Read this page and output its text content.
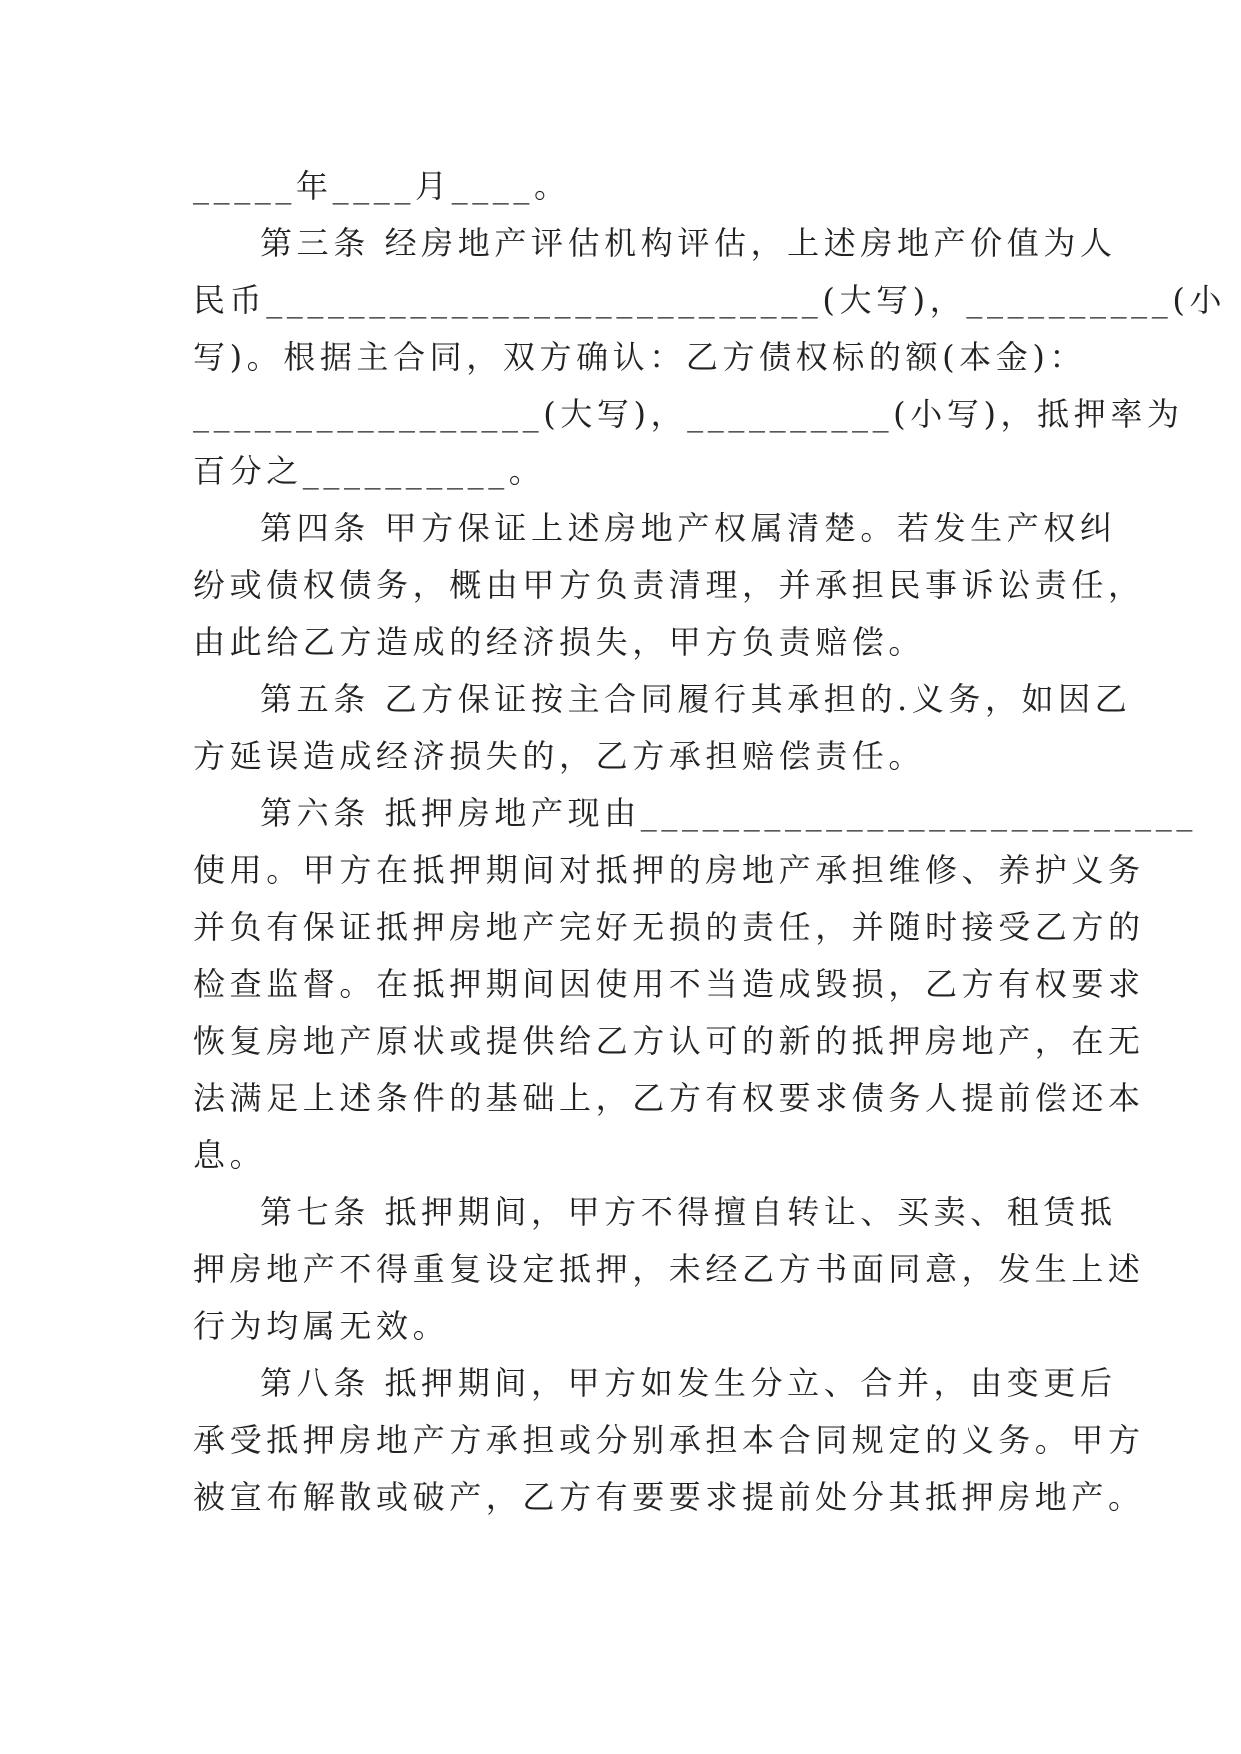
_____年____月____。
第三条 经房地产评估机构评估，上述房地产价值为人
民币___________________________(大写)，__________(小
写)。根据主合同，双方确认：乙方债权标的额(本金)：
_________________(大写)，__________(小写)，抵押率为
百分之__________。
第四条 甲方保证上述房地产权属清楚。若发生产权纠
纷或债权债务，概由甲方负责清理，并承担民事诉讼责任，
由此给乙方造成的经济损失，甲方负责赔偿。
第五条 乙方保证按主合同履行其承担的.义务，如因乙
方延误造成经济损失的，乙方承担赔偿责任。
第六条 抵押房地产现由___________________________
使用。甲方在抵押期间对抵押的房地产承担维修、养护义务
并负有保证抵押房地产完好无损的责任，并随时接受乙方的
检查监督。在抵押期间因使用不当造成毁损，乙方有权要求
恢复房地产原状或提供给乙方认可的新的抵押房地产，在无
法满足上述条件的基础上，乙方有权要求债务人提前偿还本
息。
第七条 抵押期间，甲方不得擅自转让、买卖、租赁抵
押房地产不得重复设定抵押，未经乙方书面同意，发生上述
行为均属无效。
第八条 抵押期间，甲方如发生分立、合并，由变更后
承受抵押房地产方承担或分别承担本合同规定的义务。甲方
被宣布解散或破产，乙方有要要求提前处分其抵押房地产。
